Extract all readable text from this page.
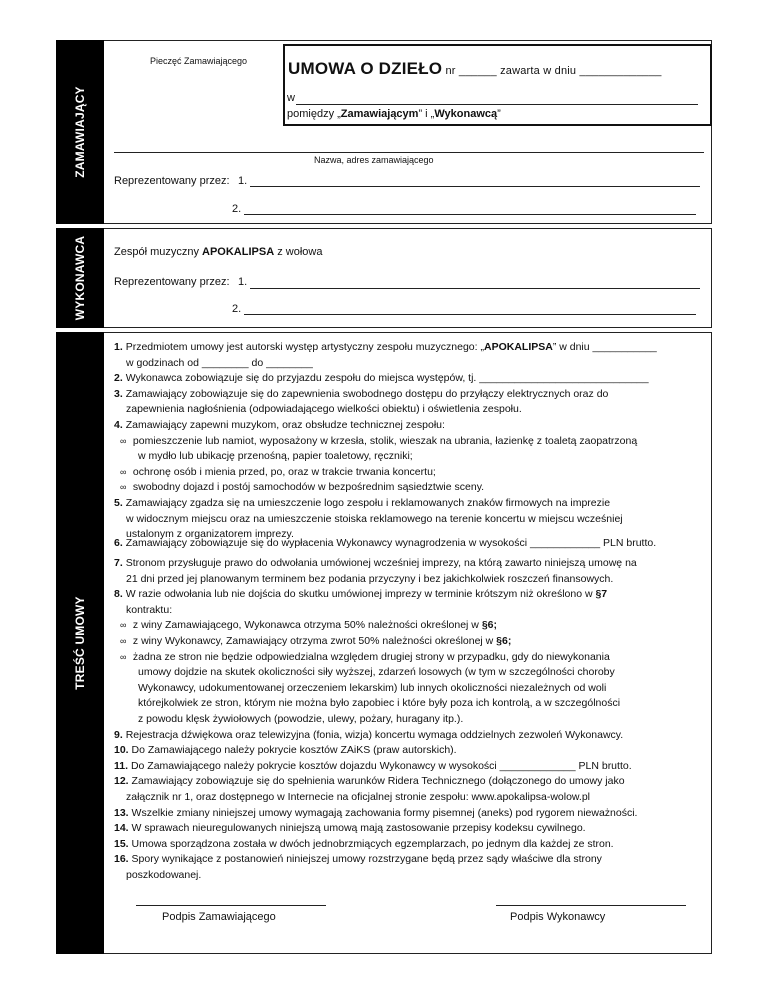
ZAMAWIAJĄCY
Pieczęć Zamawiającego UMOWA O DZIEŁO nr ______ zawarta w dniu _____________
w
pomiędzy „Zamawiającym” i „Wykonawcą”
Nazwa, adres zamawiającego
Reprezentowany przez: 1.
2.
WYKONAWCA Zespół muzyczny APOKALIPSA z wołowa
Reprezentowany przez: 1.
2.
TREŚĆ UMOWY
1. Przedmiotem umowy jest autorski występ artystyczny zespołu muzycznego: „APOKALIPSA” w dniu ___________
w godzinach od ________ do ________
2. Wykonawca zobowiązuje się do przyjazdu zespołu do miejsca występów, tj. _____________________________
3. Zamawiający zobowiązuje się do zapewnienia swobodnego dostępu do przyłączy elektrycznych oraz do
zapewnienia nagłośnienia (odpowiadającego wielkości obiektu) i oświetlenia zespołu.
4. Zamawiający zapewni muzykom, oraz obsłudze technicznej zespołu:
∞ pomieszczenie lub namiot, wyposażony w krzesła, stolik, wieszak na ubrania, łazienkę z toaletą zaopatrzoną
w mydło lub ubikację przenośną, papier toaletowy, ręczniki;
∞ ochronę osób i mienia przed, po, oraz w trakcie trwania koncertu;
∞ swobodny dojazd i postój samochodów w bezpośrednim sąsiedztwie sceny.
5. Zamawiający zgadza się na umieszczenie logo zespołu i reklamowanych znaków firmowych na imprezie
w widocznym miejscu oraz na umieszczenie stoiska reklamowego na terenie koncertu w miejscu wcześniej
ustalonym z organizatorem imprezy.
6. Zamawiający zobowiązuje się do wypłacenia Wykonawcy wynagrodzenia w wysokości ____________ PLN brutto.
7. Stronom przysługuje prawo do odwołania umówionej wcześniej imprezy, na którą zawarto niniejszą umowę na
21 dni przed jej planowanym terminem bez podania przyczyny i bez jakichkolwiek roszczeń finansowych.
8. W razie odwołania lub nie dojścia do skutku umówionej imprezy w terminie krótszym niż określono w §7
kontraktu:
∞ z winy Zamawiającego, Wykonawca otrzyma 50% należności określonej w §6;
∞ z winy Wykonawcy, Zamawiający otrzyma zwrot 50% należności określonej w §6;
∞ żadna ze stron nie będzie odpowiedzialna względem drugiej strony w przypadku, gdy do niewykonania
umowy dojdzie na skutek okoliczności siły wyższej, zdarzeń losowych (w tym w szczególności choroby
Wykonawcy, udokumentowanej orzeczeniem lekarskim) lub innych okoliczności niezależnych od woli
którejkolwiek ze stron, którym nie można było zapobiec i które były poza ich kontrolą, a w szczególności
z powodu klęsk żywiołowych (powodzie, ulewy, pożary, huragany itp.).
9. Rejestracja dźwiękowa oraz telewizyjna (fonia, wizja) koncertu wymaga oddzielnych zezwoleń Wykonawcy.
10. Do Zamawiającego należy pokrycie kosztów ZAiKS (praw autorskich).
11. Do Zamawiającego należy pokrycie kosztów dojazdu Wykonawcy w wysokości _____________ PLN brutto.
12. Zamawiający zobowiązuje się do spełnienia warunków Ridera Technicznego (dołączonego do umowy jako
załącznik nr 1, oraz dostępnego w Internecie na oficjalnej stronie zespołu: www.apokalipsa-wolow.pl
13. Wszelkie zmiany niniejszej umowy wymagają zachowania formy pisemnej (aneks) pod rygorem nieważności.
14. W sprawach nieuregulowanych niniejszą umową mają zastosowanie przepisy kodeksu cywilnego.
15. Umowa sporządzona została w dwóch jednobrzmiących egzemplarzach, po jednym dla każdej ze stron.
16. Spory wynikające z postanowień niniejszej umowy rozstrzygane będą przez sądy właściwe dla strony
poszkodowanej.
Podpis Zamawiającego	Podpis Wykonawcy
